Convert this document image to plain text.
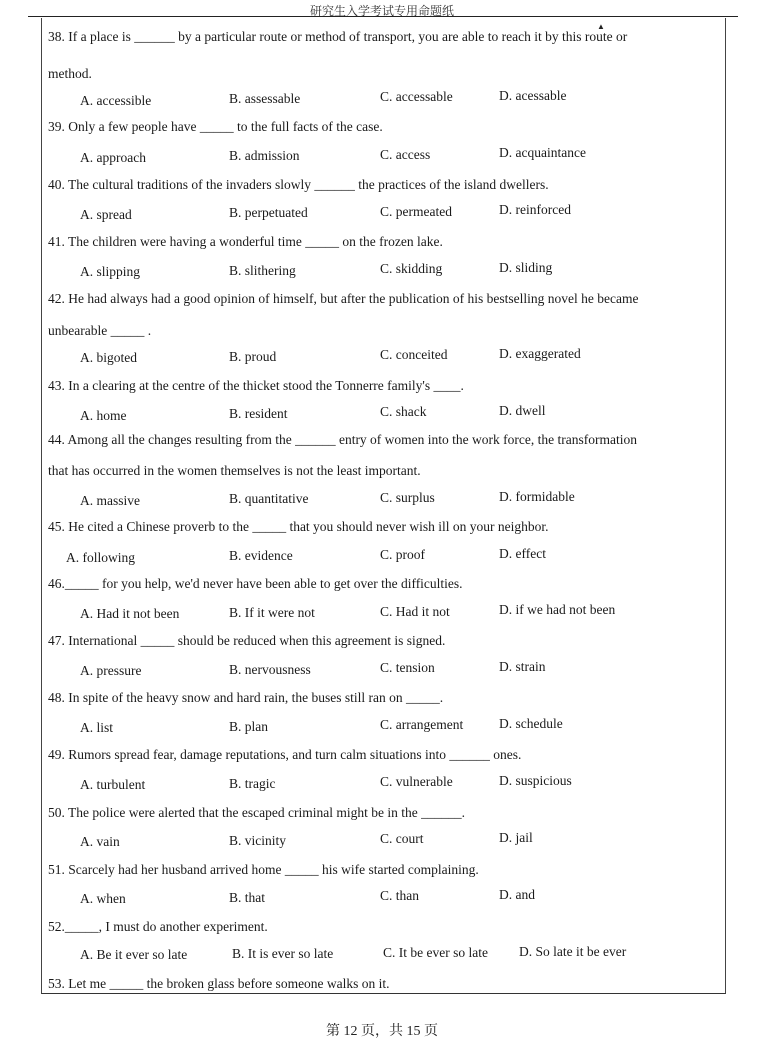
研究生入学考试专用命题纸
▲
38. If a place is ______ by a particular route or method of transport, you are able to reach it by this route or
method.
A. accessible	B. assessable	C. accessable	D. acessable
39. Only a few people have _____ to the full facts of the case.
A. approach	B. admission	C. access	D. acquaintance
40. The cultural traditions of the invaders slowly ______ the practices of the island dwellers.
A. spread	B. perpetuated	C. permeated	D. reinforced
41. The children were having a wonderful time _____ on the frozen lake.
A. slipping	B. slithering	C. skidding	D. sliding
42. He had always had a good opinion of himself, but after the publication of his bestselling novel he became
unbearable _____ .
A. bigoted	B. proud	C. conceited	D. exaggerated
43. In a clearing at the centre of the thicket stood the Tonnerre family's ____.
A. home	B. resident	C. shack	D. dwell
44. Among all the changes resulting from the ______ entry of women into the work force, the transformation
that has occurred in the women themselves is not the least important.
A. massive	B. quantitative	C. surplus	D. formidable
45. He cited a Chinese proverb to the _____ that you should never wish ill on your neighbor.
A. following	B. evidence	C. proof	D. effect
46._____ for you help, we'd never have been able to get over the difficulties.
A. Had it not been	B. If it were not	C. Had it not	D. if we had not been
47. International _____ should be reduced when this agreement is signed.
A. pressure	B. nervousness	C. tension	D. strain
48. In spite of the heavy snow and hard rain, the buses still ran on _____.
A. list	B. plan	C. arrangement	D. schedule
49. Rumors spread fear, damage reputations, and turn calm situations into ______ ones.
A. turbulent	B. tragic	C. vulnerable	D. suspicious
50. The police were alerted that the escaped criminal might be in the ______.
A. vain	B. vicinity	C. court	D. jail
51. Scarcely had her husband arrived home _____ his wife started complaining.
A. when	B. that	C. than	D. and
52._____, I must do another experiment.
A. Be it ever so late	B. It is ever so late	C. It be ever so late D. So late it be ever
53. Let me _____ the broken glass before someone walks on it.
第 12 页，共 15 页
